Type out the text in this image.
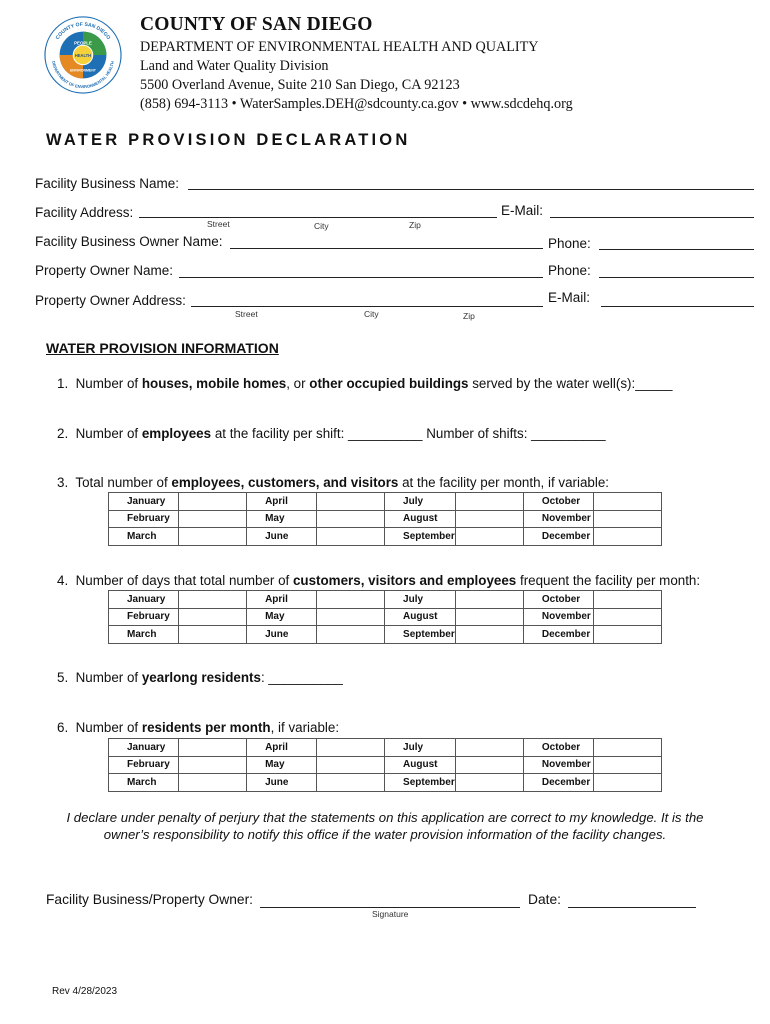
COUNTY OF SAN DIEGO
DEPARTMENT OF ENVIRONMENTAL HEALTH
PEOPLE
HEALTH
ENVIRONMENT
COUNTY OF SAN DIEGO
DEPARTMENT OF ENVIRONMENTAL HEALTH AND QUALITY
Land and Water Quality Division
5500 Overland Avenue, Suite 210 San Diego, CA 92123
(858) 694-3113 • WaterSamples.DEH@sdcounty.ca.gov • www.sdcdehq.org
WATER PROVISION DECLARATION
Facility Business Name:
Facility Address:
Street	City	Zip
E-Mail:
Facility Business Owner Name:	Phone:
Property Owner Name:	Phone:
Property Owner Address:
Street	City	Zip
E-Mail:
WATER PROVISION INFORMATION
1. Number of houses, mobile homes, or other occupied buildings served by the water well(s):_____
2. Number of employees at the facility per shift: __________ Number of shifts: __________
3. Total number of employees, customers, and visitors at the facility per month, if variable:
January		April		July		October	
February		May		August		November	
March		June		September		December	
4. Number of days that total number of customers, visitors and employees frequent the facility per month:
January		April		July		October	
February		May		August		November	
March		June		September		December	
5. Number of yearlong residents: __________
6. Number of residents per month, if variable:
January		April		July		October	
February		May		August		November	
March		June		September		December	
I declare under penalty of perjury that the statements on this application are correct to my knowledge. It is the
owner’s responsibility to notify this office if the water provision information of the facility changes.
Facility Business/Property Owner:
Signature
Date:
Rev 4/28/2023
